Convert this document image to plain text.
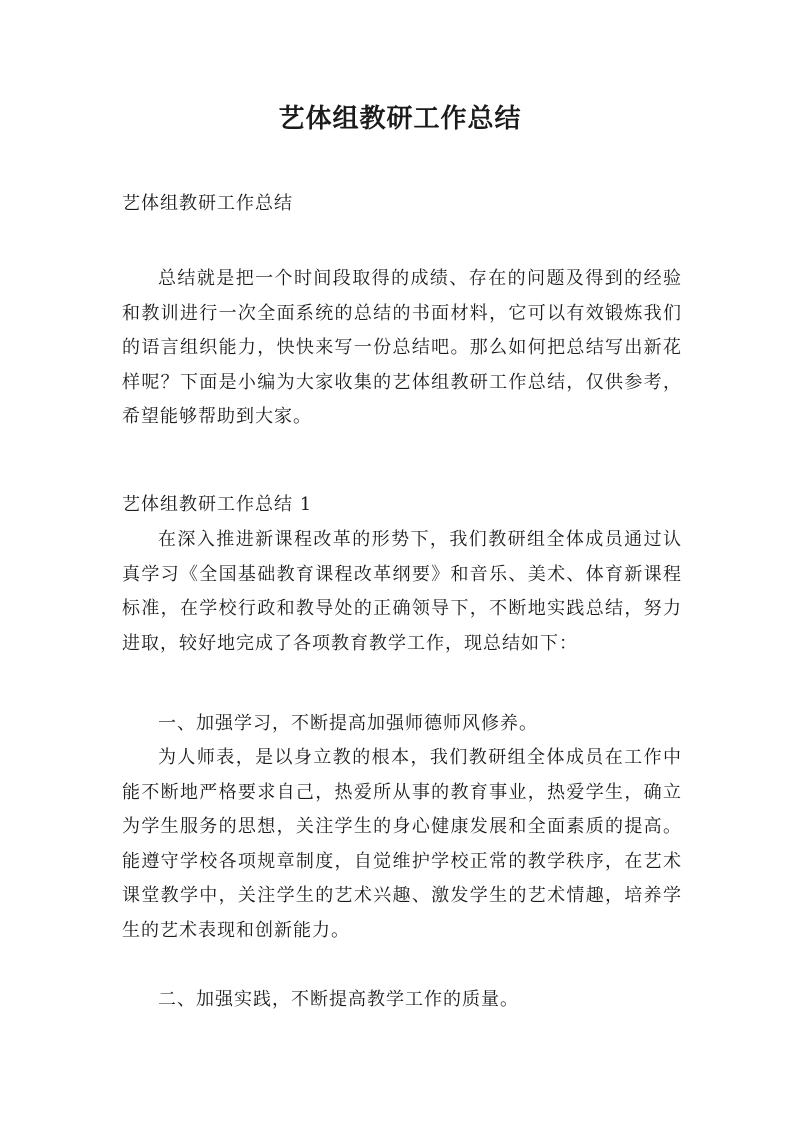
艺体组教研工作总结
艺体组教研工作总结

总结就是把一个时间段取得的成绩、存在的问题及得到的经验和教训进行一次全面系统的总结的书面材料，它可以有效锻炼我们的语言组织能力，快快来写一份总结吧。那么如何把总结写出新花样呢？下面是小编为大家收集的艺体组教研工作总结，仅供参考，希望能够帮助到大家。

艺体组教研工作总结 1

在深入推进新课程改革的形势下，我们教研组全体成员通过认真学习《全国基础教育课程改革纲要》和音乐、美术、体育新课程标准，在学校行政和教导处的正确领导下，不断地实践总结，努力进取，较好地完成了各项教育教学工作，现总结如下：

一、加强学习，不断提高加强师德师风修养。

为人师表，是以身立教的根本，我们教研组全体成员在工作中能不断地严格要求自己，热爱所从事的教育事业，热爱学生，确立为学生服务的思想，关注学生的身心健康发展和全面素质的提高。能遵守学校各项规章制度，自觉维护学校正常的教学秩序，在艺术课堂教学中，关注学生的艺术兴趣、激发学生的艺术情趣，培养学生的艺术表现和创新能力。

二、加强实践，不断提高教学工作的质量。
